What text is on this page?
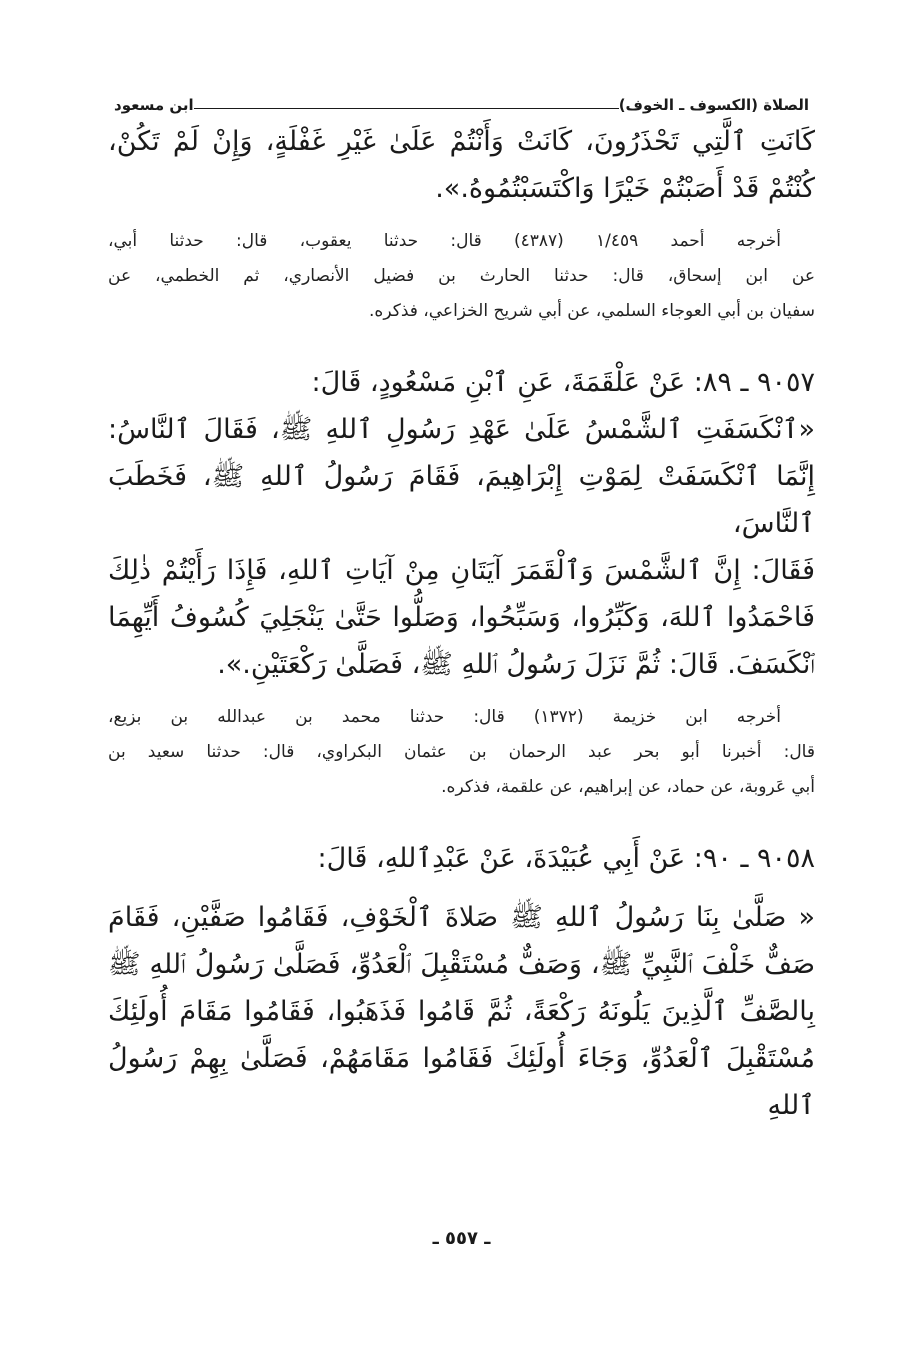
الصلاة (الكسوف ـ الخوف)
ابن مسعود

كَانَتِ ٱلَّتِي تَحْذَرُونَ، كَانَتْ وَأَنْتُمْ عَلَىٰ غَيْرِ غَفْلَةٍ، وَإِنْ لَمْ تَكُنْ،
كُنْتُمْ قَدْ أَصَبْتُمْ خَيْرًا وَاكْتَسَبْتُمُوهُ.».

أخرجه أحمد ١/٤٥٩ (٤٣٨٧) قال: حدثنا يعقوب، قال: حدثنا أبي،
عن ابن إسحاق، قال: حدثنا الحارث بن فضيل الأنصاري، ثم الخطمي، عن
سفيان بن أبي العوجاء السلمي، عن أبي شريح الخزاعي، فذكره.

٩٠٥٧ ـ ٨٩: عَنْ عَلْقَمَةَ، عَنِ ٱبْنِ مَسْعُودٍ، قَالَ:

«ٱنْكَسَفَتِ ٱلشَّمْسُ عَلَىٰ عَهْدِ رَسُولِ ٱللهِ ﷺ، فَقَالَ ٱلنَّاسُ:
إِنَّمَا ٱنْكَسَفَتْ لِمَوْتِ إِبْرَاهِيمَ، فَقَامَ رَسُولُ ٱللهِ ﷺ، فَخَطَبَ ٱلنَّاسَ،
فَقَالَ: إِنَّ ٱلشَّمْسَ وَٱلْقَمَرَ آيَتَانِ مِنْ آيَاتِ ٱللهِ، فَإِذَا رَأَيْتُمْ ذٰلِكَ
فَاحْمَدُوا ٱللهَ، وَكَبِّرُوا، وَسَبِّحُوا، وَصَلُّوا حَتَّىٰ يَنْجَلِيَ كُسُوفُ أَيِّهِمَا
ٱنْكَسَفَ. قَالَ: ثُمَّ نَزَلَ رَسُولُ ٱللهِ ﷺ، فَصَلَّىٰ رَكْعَتَيْنِ.».

أخرجه ابن خزيمة (١٣٧٢) قال: حدثنا محمد بن عبدالله بن بزيع،
قال: أخبرنا أبو بحر عبد الرحمان بن عثمان البكراوي، قال: حدثنا سعيد بن
أبي عَروبة، عن حماد، عن إبراهيم، عن علقمة، فذكره.

٩٠٥٨ ـ ٩٠: عَنْ أَبِي عُبَيْدَةَ، عَنْ عَبْدِٱللهِ، قَالَ:

« صَلَّىٰ بِنَا رَسُولُ ٱللهِ ﷺ صَلاةَ ٱلْخَوْفِ، فَقَامُوا صَفَّيْنِ، فَقَامَ
صَفٌّ خَلْفَ ٱلنَّبِيِّ ﷺ، وَصَفٌّ مُسْتَقْبِلَ ٱلْعَدُوِّ، فَصَلَّىٰ رَسُولُ ٱللهِ ﷺ
بِالصَّفِّ ٱلَّذِينَ يَلُونَهُ رَكْعَةً، ثُمَّ قَامُوا فَذَهَبُوا، فَقَامُوا مَقَامَ أُولَئِكَ
مُسْتَقْبِلَ ٱلْعَدُوِّ، وَجَاءَ أُولَئِكَ فَقَامُوا مَقَامَهُمْ، فَصَلَّىٰ بِهِمْ رَسُولُ ٱللهِ

ـ ٥٥٧ ـ
